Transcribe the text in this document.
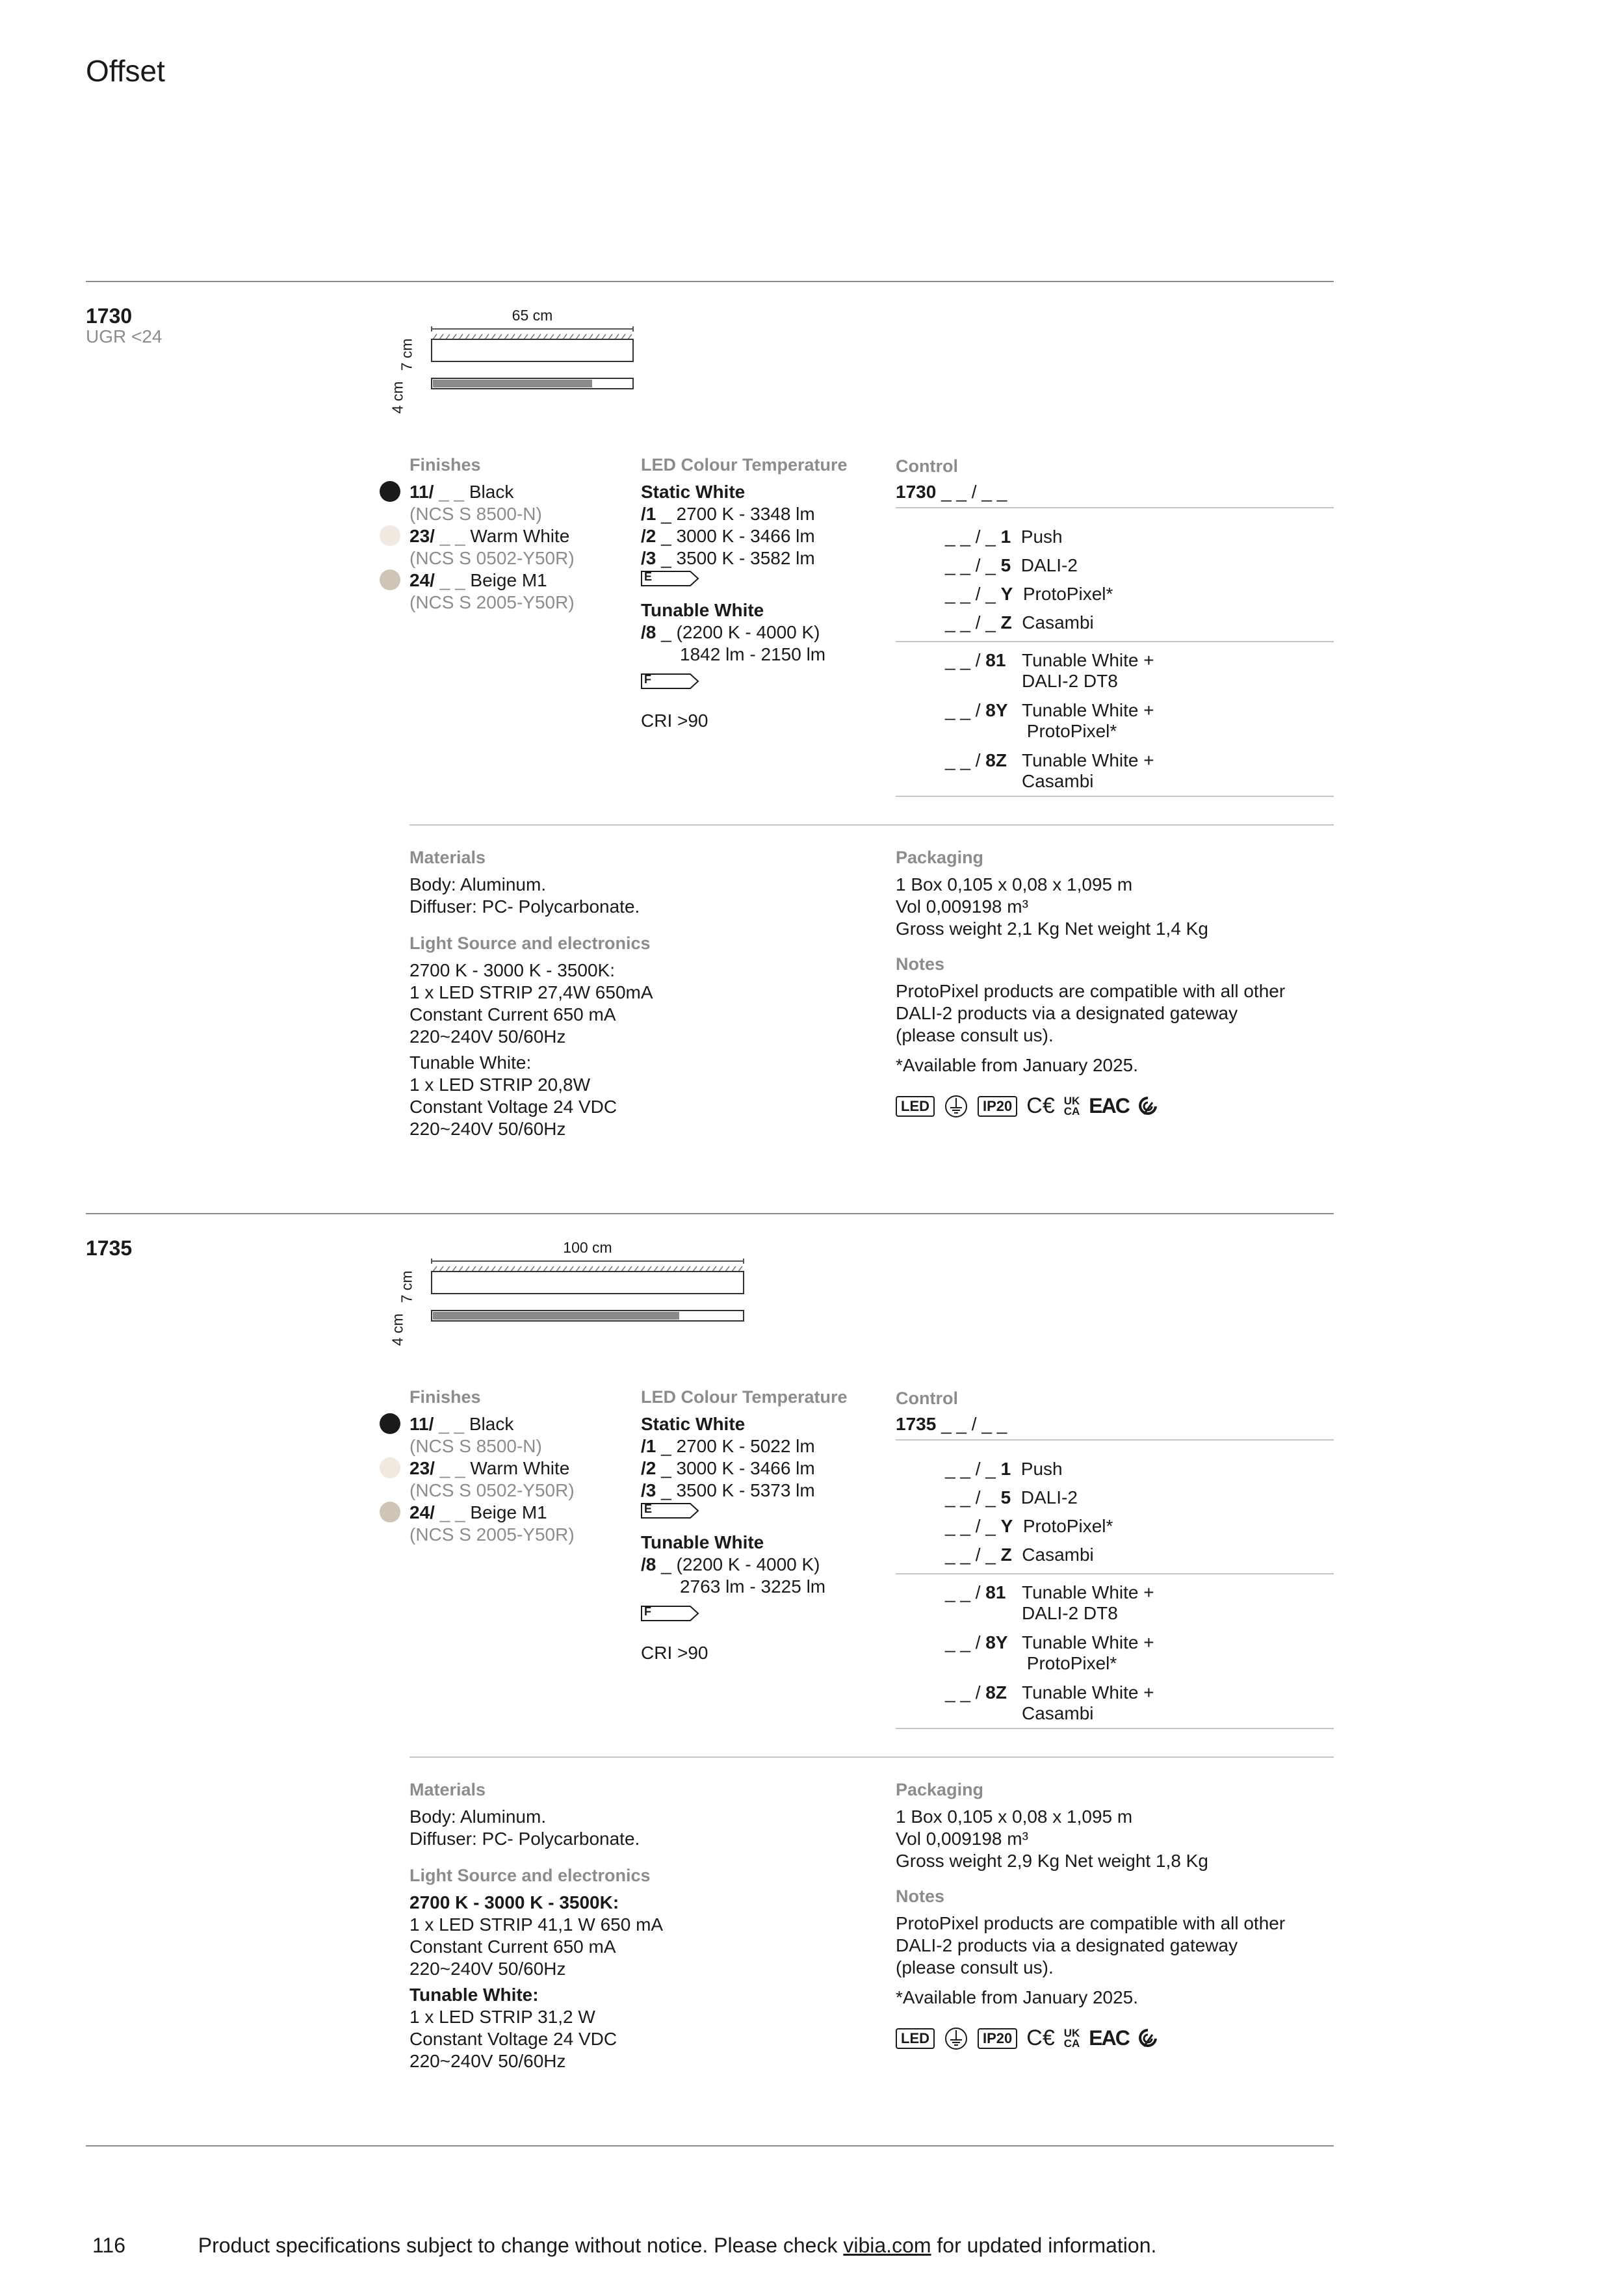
Offset
1730
UGR <24
65 cm
7 cm
4 cm
Finishes
11/ _ _ Black
(NCS S 8500-N)
23/ _ _ Warm White
(NCS S 0502-Y50R)
24/ _ _ Beige M1
(NCS S 2005-Y50R)
LED Colour Temperature
Static White
/1 _ 2700 K - 3348 lm
/2 _ 3000 K - 3466 lm
/3 _ 3500 K - 3582 lm
E
Tunable White
/8 _ (2200 K - 4000 K)
1842 lm - 2150 lm
F
CRI >90
Control
1730 _ _ / _ _
_ _ / _ 1 Push
_ _ / _ 5 DALI-2
_ _ / _ Y ProtoPixel*
_ _ / _ Z Casambi
_ _ / 81 Tunable White +
DALI-2 DT8
_ _ / 8Y Tunable White +
ProtoPixel*
_ _ / 8Z Tunable White +
Casambi
Materials
Body: Aluminum.
Diffuser: PC- Polycarbonate.
Light Source and electronics
2700 K - 3000 K - 3500K:
1 x LED STRIP 27,4W 650mA
Constant Current 650 mA
220~240V 50/60Hz
Tunable White:
1 x LED STRIP 20,8W
Constant Voltage 24 VDC
220~240V 50/60Hz
Packaging
1 Box 0,105 x 0,08 x 1,095 m
Vol 0,009198 m³
Gross weight 2,1 Kg Net weight 1,4 Kg
Notes
ProtoPixel products are compatible with all other
DALI-2 products via a designated gateway
(please consult us).
*Available from January 2025.
LED	IP20 C€ UK
CA EAC
1735	100 cm
7 cm
4 cm
Finishes
11/ _ _ Black
(NCS S 8500-N)
23/ _ _ Warm White
(NCS S 0502-Y50R)
24/ _ _ Beige M1
(NCS S 2005-Y50R)
LED Colour Temperature
Static White
/1 _ 2700 K - 5022 lm
/2 _ 3000 K - 3466 lm
/3 _ 3500 K - 5373 lm
E
Tunable White
/8 _ (2200 K - 4000 K)
2763 lm - 3225 lm
F
CRI >90
Control
1735 _ _ / _ _
_ _ / _ 1 Push
_ _ / _ 5 DALI-2
_ _ / _ Y ProtoPixel*
_ _ / _ Z Casambi
_ _ / 81 Tunable White +
DALI-2 DT8
_ _ / 8Y Tunable White +
ProtoPixel*
_ _ / 8Z Tunable White +
Casambi
Materials
Body: Aluminum.
Diffuser: PC- Polycarbonate.
Light Source and electronics
2700 K - 3000 K - 3500K:
1 x LED STRIP 41,1 W 650 mA
Constant Current 650 mA
220~240V 50/60Hz
Tunable White:
1 x LED STRIP 31,2 W
Constant Voltage 24 VDC
220~240V 50/60Hz
Packaging
1 Box 0,105 x 0,08 x 1,095 m
Vol 0,009198 m³
Gross weight 2,9 Kg Net weight 1,8 Kg
Notes
ProtoPixel products are compatible with all other
DALI-2 products via a designated gateway
(please consult us).
*Available from January 2025.
LED	IP20 C€ UK
CA EAC
116	Product specifications subject to change without notice. Please check vibia.com for updated information.
